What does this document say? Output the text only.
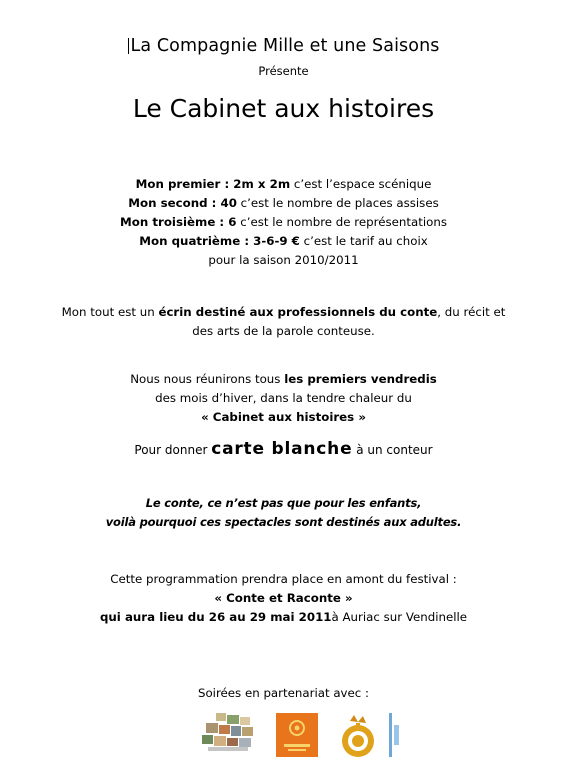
La Compagnie Mille et une Saisons
Présente
Le Cabinet aux histoires

Mon premier : 2m x 2m c’est l’espace scénique

Mon second : 40 c’est le nombre de places assises

Mon troisième : 6 c’est le nombre de représentations

Mon quatrième : 3-6-9 € c’est le tarif au choix

pour la saison 2010/2011

Mon tout est un écrin destiné aux professionnels du conte, du récit et

des arts de la parole conteuse.

Nous nous réunirons tous les premiers vendredis

des mois d’hiver, dans la tendre chaleur du

« Cabinet aux histoires »

Pour donner carte blanche à un conteur

Le conte, ce n’est pas que pour les enfants,

voilà pourquoi ces spectacles sont destinés aux adultes.

Cette programmation prendra place en amont du festival :

« Conte et Raconte »

qui aura lieu du 26 au 29 mai 2011à Auriac sur Vendinelle

Soirées en partenariat avec :
